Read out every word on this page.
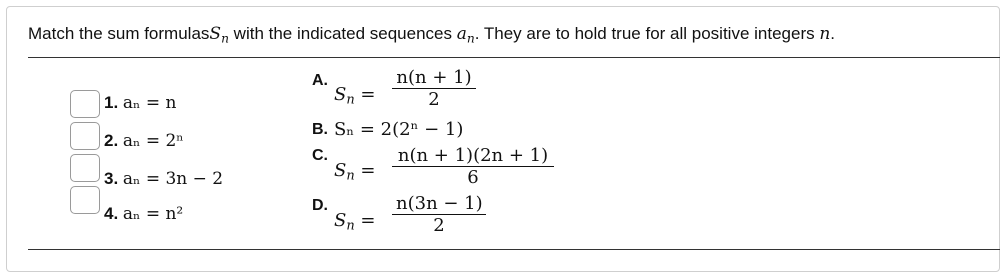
Match the sum formulasS$_n$ with the indicated sequences $a_n$. They are to hold true for all positive integers n.
1. aₙ = n
2. aₙ = 2ⁿ
3. aₙ = 3n − 2
4. aₙ = n²
A.
$S_n$ =
n(n + 1)
2
B. Sₙ = 2(2ⁿ − 1)
C.
$S_n$ =
n(n + 1)(2n + 1)
6
D.
$S_n$ =
n(3n − 1)
2
